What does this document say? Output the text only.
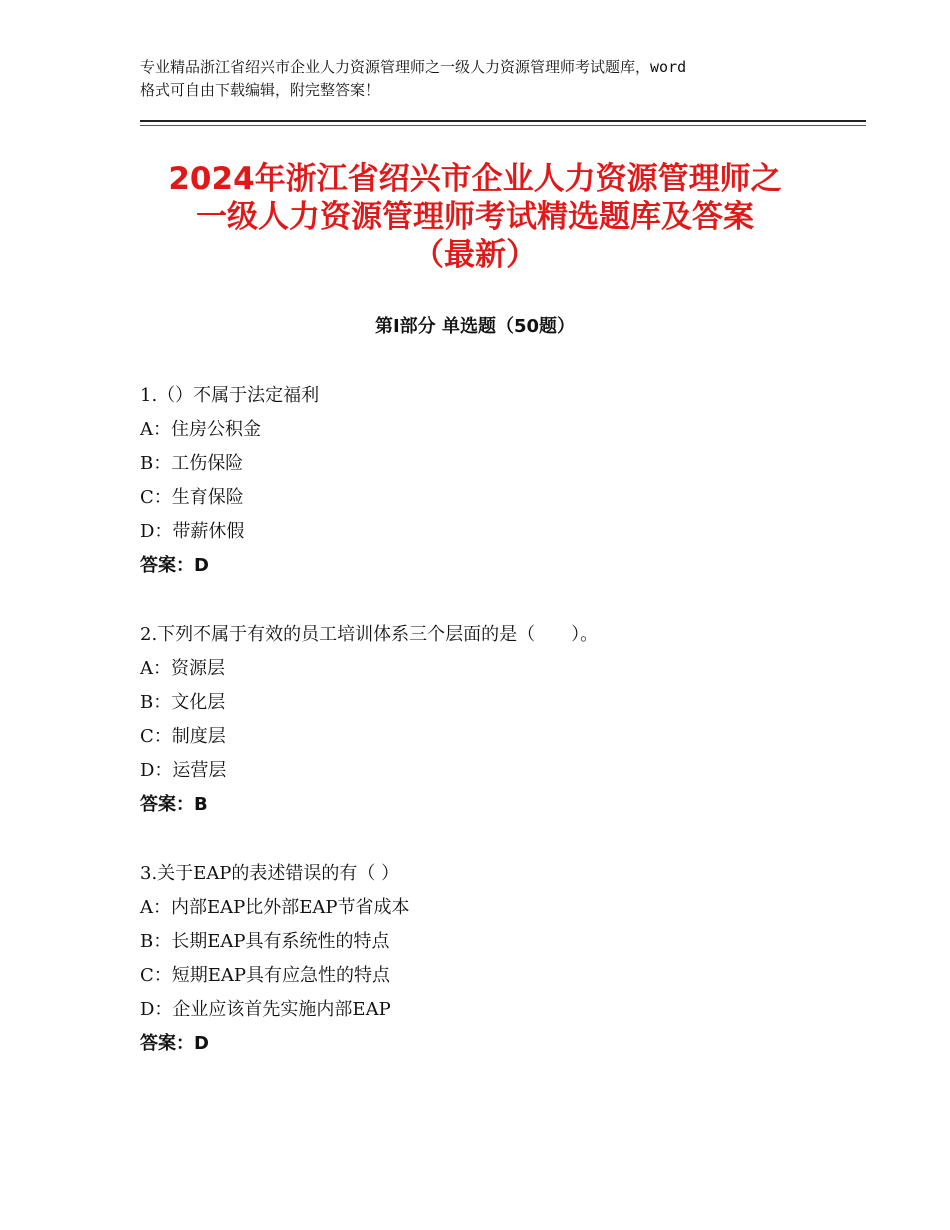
专业精品浙江省绍兴市企业人力资源管理师之一级人力资源管理师考试题库，word
格式可自由下载编辑，附完整答案！
2024年浙江省绍兴市企业人力资源管理师之
一级人力资源管理师考试精选题库及答案
（最新）
第Ⅰ部分 单选题（50题）
1.（）不属于法定福利
A：住房公积金
B：工伤保险
C：生育保险
D：带薪休假
答案：D
2.下列不属于有效的员工培训体系三个层面的是（　　）。
A：资源层
B：文化层
C：制度层
D：运营层
答案：B
3.关于EAP的表述错误的有（ ）
A：内部EAP比外部EAP节省成本
B：长期EAP具有系统性的特点
C：短期EAP具有应急性的特点
D：企业应该首先实施内部EAP
答案：D
